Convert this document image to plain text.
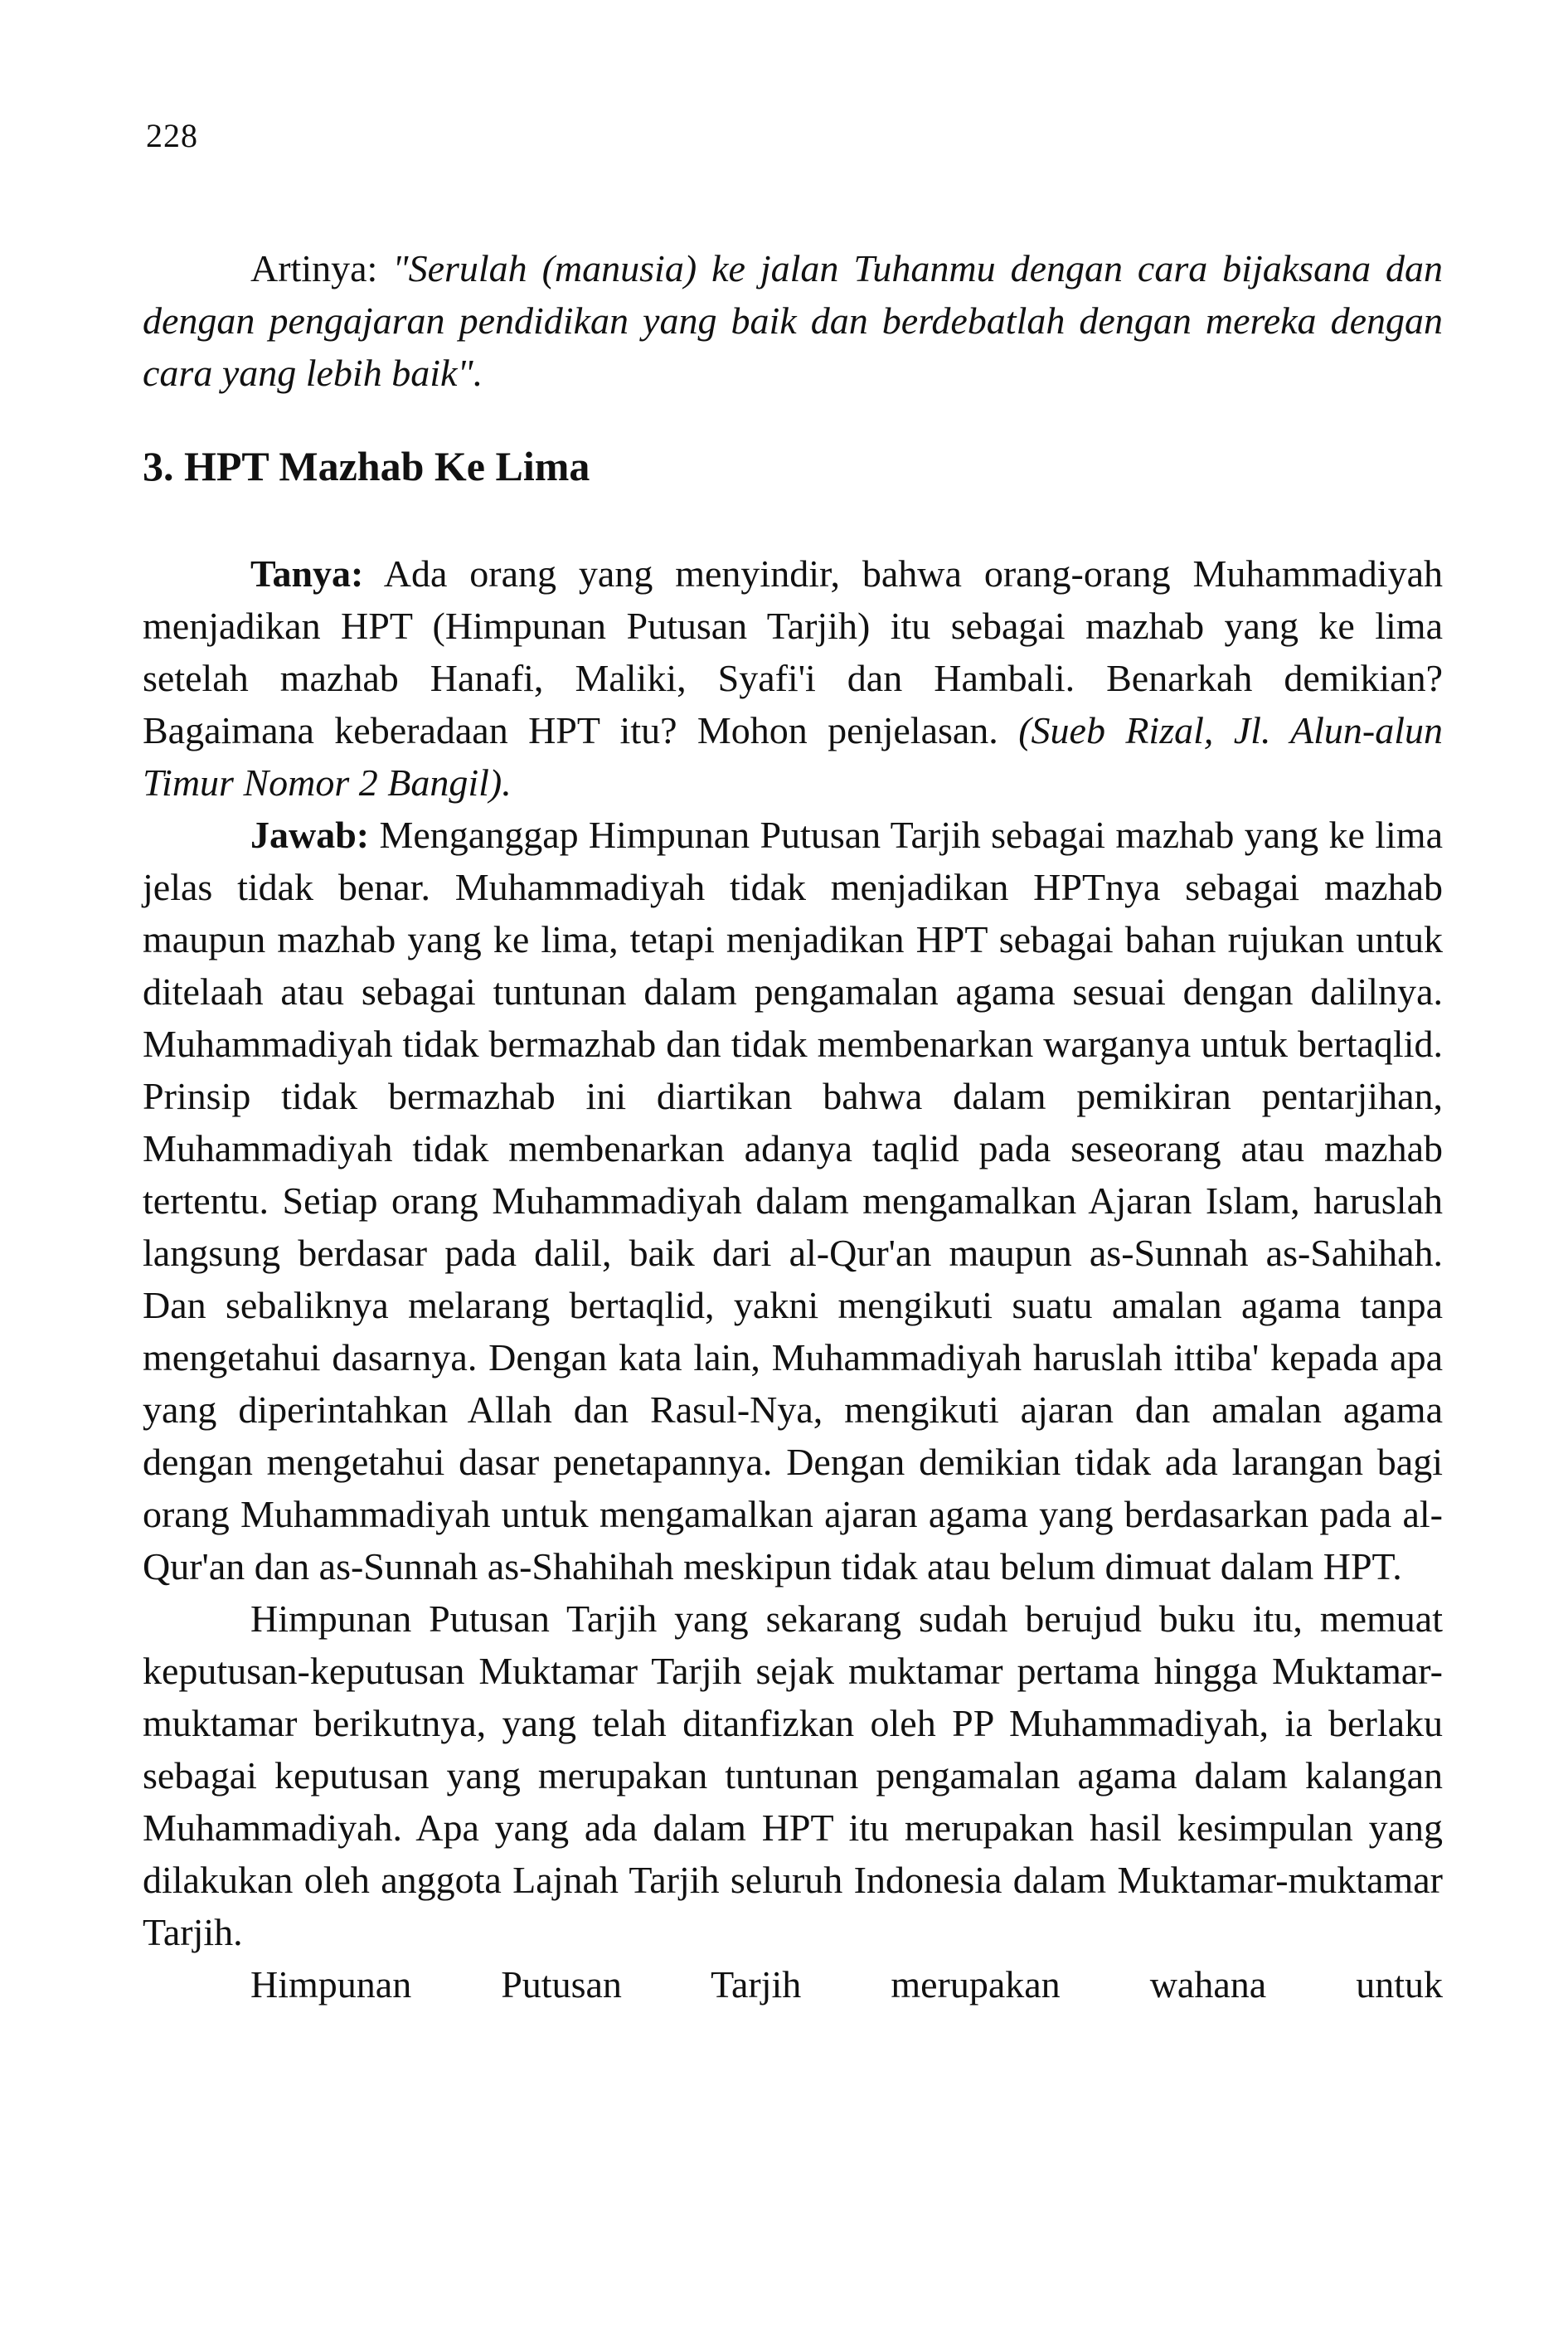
228

Artinya: "Serulah (manusia) ke jalan Tuhanmu dengan cara bijaksana dan dengan pengajaran pendidikan yang baik dan berdebatlah dengan mereka dengan cara yang lebih baik".

3. HPT Mazhab Ke Lima

Tanya: Ada orang yang menyindir, bahwa orang-orang Muhammadiyah menjadikan HPT (Himpunan Putusan Tarjih) itu sebagai mazhab yang ke lima setelah mazhab Hanafi, Maliki, Syafi'i dan Hambali. Benarkah demikian? Bagaimana keberadaan HPT itu? Mohon penjelasan. (Sueb Rizal, Jl. Alun-alun Timur Nomor 2 Bangil).

Jawab: Menganggap Himpunan Putusan Tarjih sebagai mazhab yang ke lima jelas tidak benar. Muhammadiyah tidak menjadikan HPTnya sebagai mazhab maupun mazhab yang ke lima, tetapi menjadikan HPT sebagai bahan rujukan untuk ditelaah atau sebagai tuntunan dalam pengamalan agama sesuai dengan dalilnya. Muhammadiyah tidak bermazhab dan tidak membenarkan warganya untuk bertaqlid. Prinsip tidak bermazhab ini diartikan bahwa dalam pemikiran pentarjihan, Muhammadiyah tidak membenarkan adanya taqlid pada seseorang atau mazhab tertentu. Setiap orang Muhammadiyah dalam mengamalkan Ajaran Islam, haruslah langsung berdasar pada dalil, baik dari al-Qur'an maupun as-Sunnah as-Sahihah. Dan sebaliknya melarang bertaqlid, yakni mengikuti suatu amalan agama tanpa mengetahui dasarnya. Dengan kata lain, Muhammadiyah haruslah ittiba' kepada apa yang diperintahkan Allah dan Rasul-Nya, mengikuti ajaran dan amalan agama dengan mengetahui dasar penetapannya. Dengan demikian tidak ada larangan bagi orang Muhammadiyah untuk mengamalkan ajaran agama yang berdasarkan pada al-Qur'an dan as-Sunnah as-Shahihah meskipun tidak atau belum dimuat dalam HPT.

Himpunan Putusan Tarjih yang sekarang sudah berujud buku itu, memuat keputusan-keputusan Muktamar Tarjih sejak muktamar pertama hingga Muktamar-muktamar berikutnya, yang telah ditanfizkan oleh PP Muhammadiyah, ia berlaku sebagai keputusan yang merupakan tuntunan pengamalan agama dalam kalangan Muhammadiyah. Apa yang ada dalam HPT itu merupakan hasil kesimpulan yang dilakukan oleh anggota Lajnah Tarjih seluruh Indonesia dalam Muktamar-muktamar Tarjih.

Himpunan Putusan Tarjih merupakan wahana untuk
